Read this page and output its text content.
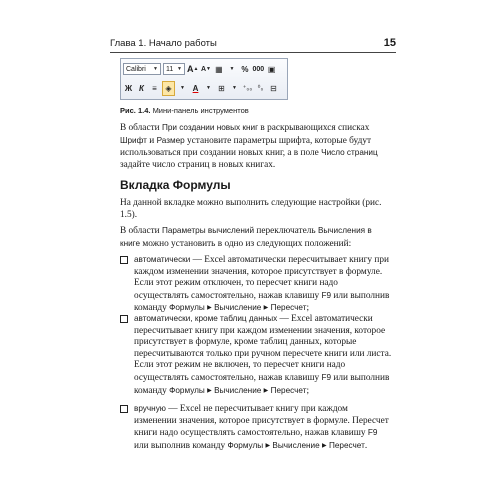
Глава 1. Начало работы	15
Calibri ▼ 11 ▼ A ▲ A ▼ ▦	▼ % 000 ▣
Ж К	≡	◈	▼ A	▼ ⊞	▼ ⁺₀₀ ⁰₀ ⊟
Рис. 1.4. Мини-панель инструментов
В области При создании новых книг в раскрывающихся списках Шрифт и Размер установите параметры шрифта, которые будут использоваться при создании новых книг, а в поле Число страниц задайте число страниц в новых книгах.
Вкладка Формулы
На данной вкладке можно выполнить следующие настройки (рис. 1.5).
В области Параметры вычислений переключатель Вычисления в книге можно установить в одно из следующих положений:
автоматически — Excel автоматически пересчитывает книгу при каждом изменении значения, которое присутствует в формуле. Если этот режим отключен, то пересчет книги надо осуществлять самостоятельно, нажав клавишу F9 или выполнив команду Формулы ▶ Вычисление ▶ Пересчет;
автоматически, кроме таблиц данных — Excel автоматически пересчитывает книгу при каждом изменении значения, которое присутствует в формуле, кроме таблиц данных, которые пересчитываются только при ручном пересчете книги или листа. Если этот режим не включен, то пересчет книги надо осуществлять самостоятельно, нажав клавишу F9 или выполнив команду Формулы ▶ Вычисление ▶ Пересчет;
вручную — Excel не пересчитывает книгу при каждом изменении значения, которое присутствует в формуле. Пересчет книги надо осуществлять самостоятельно, нажав клавишу F9 или выполнив команду Формулы ▶ Вычисление ▶ Пересчет.
